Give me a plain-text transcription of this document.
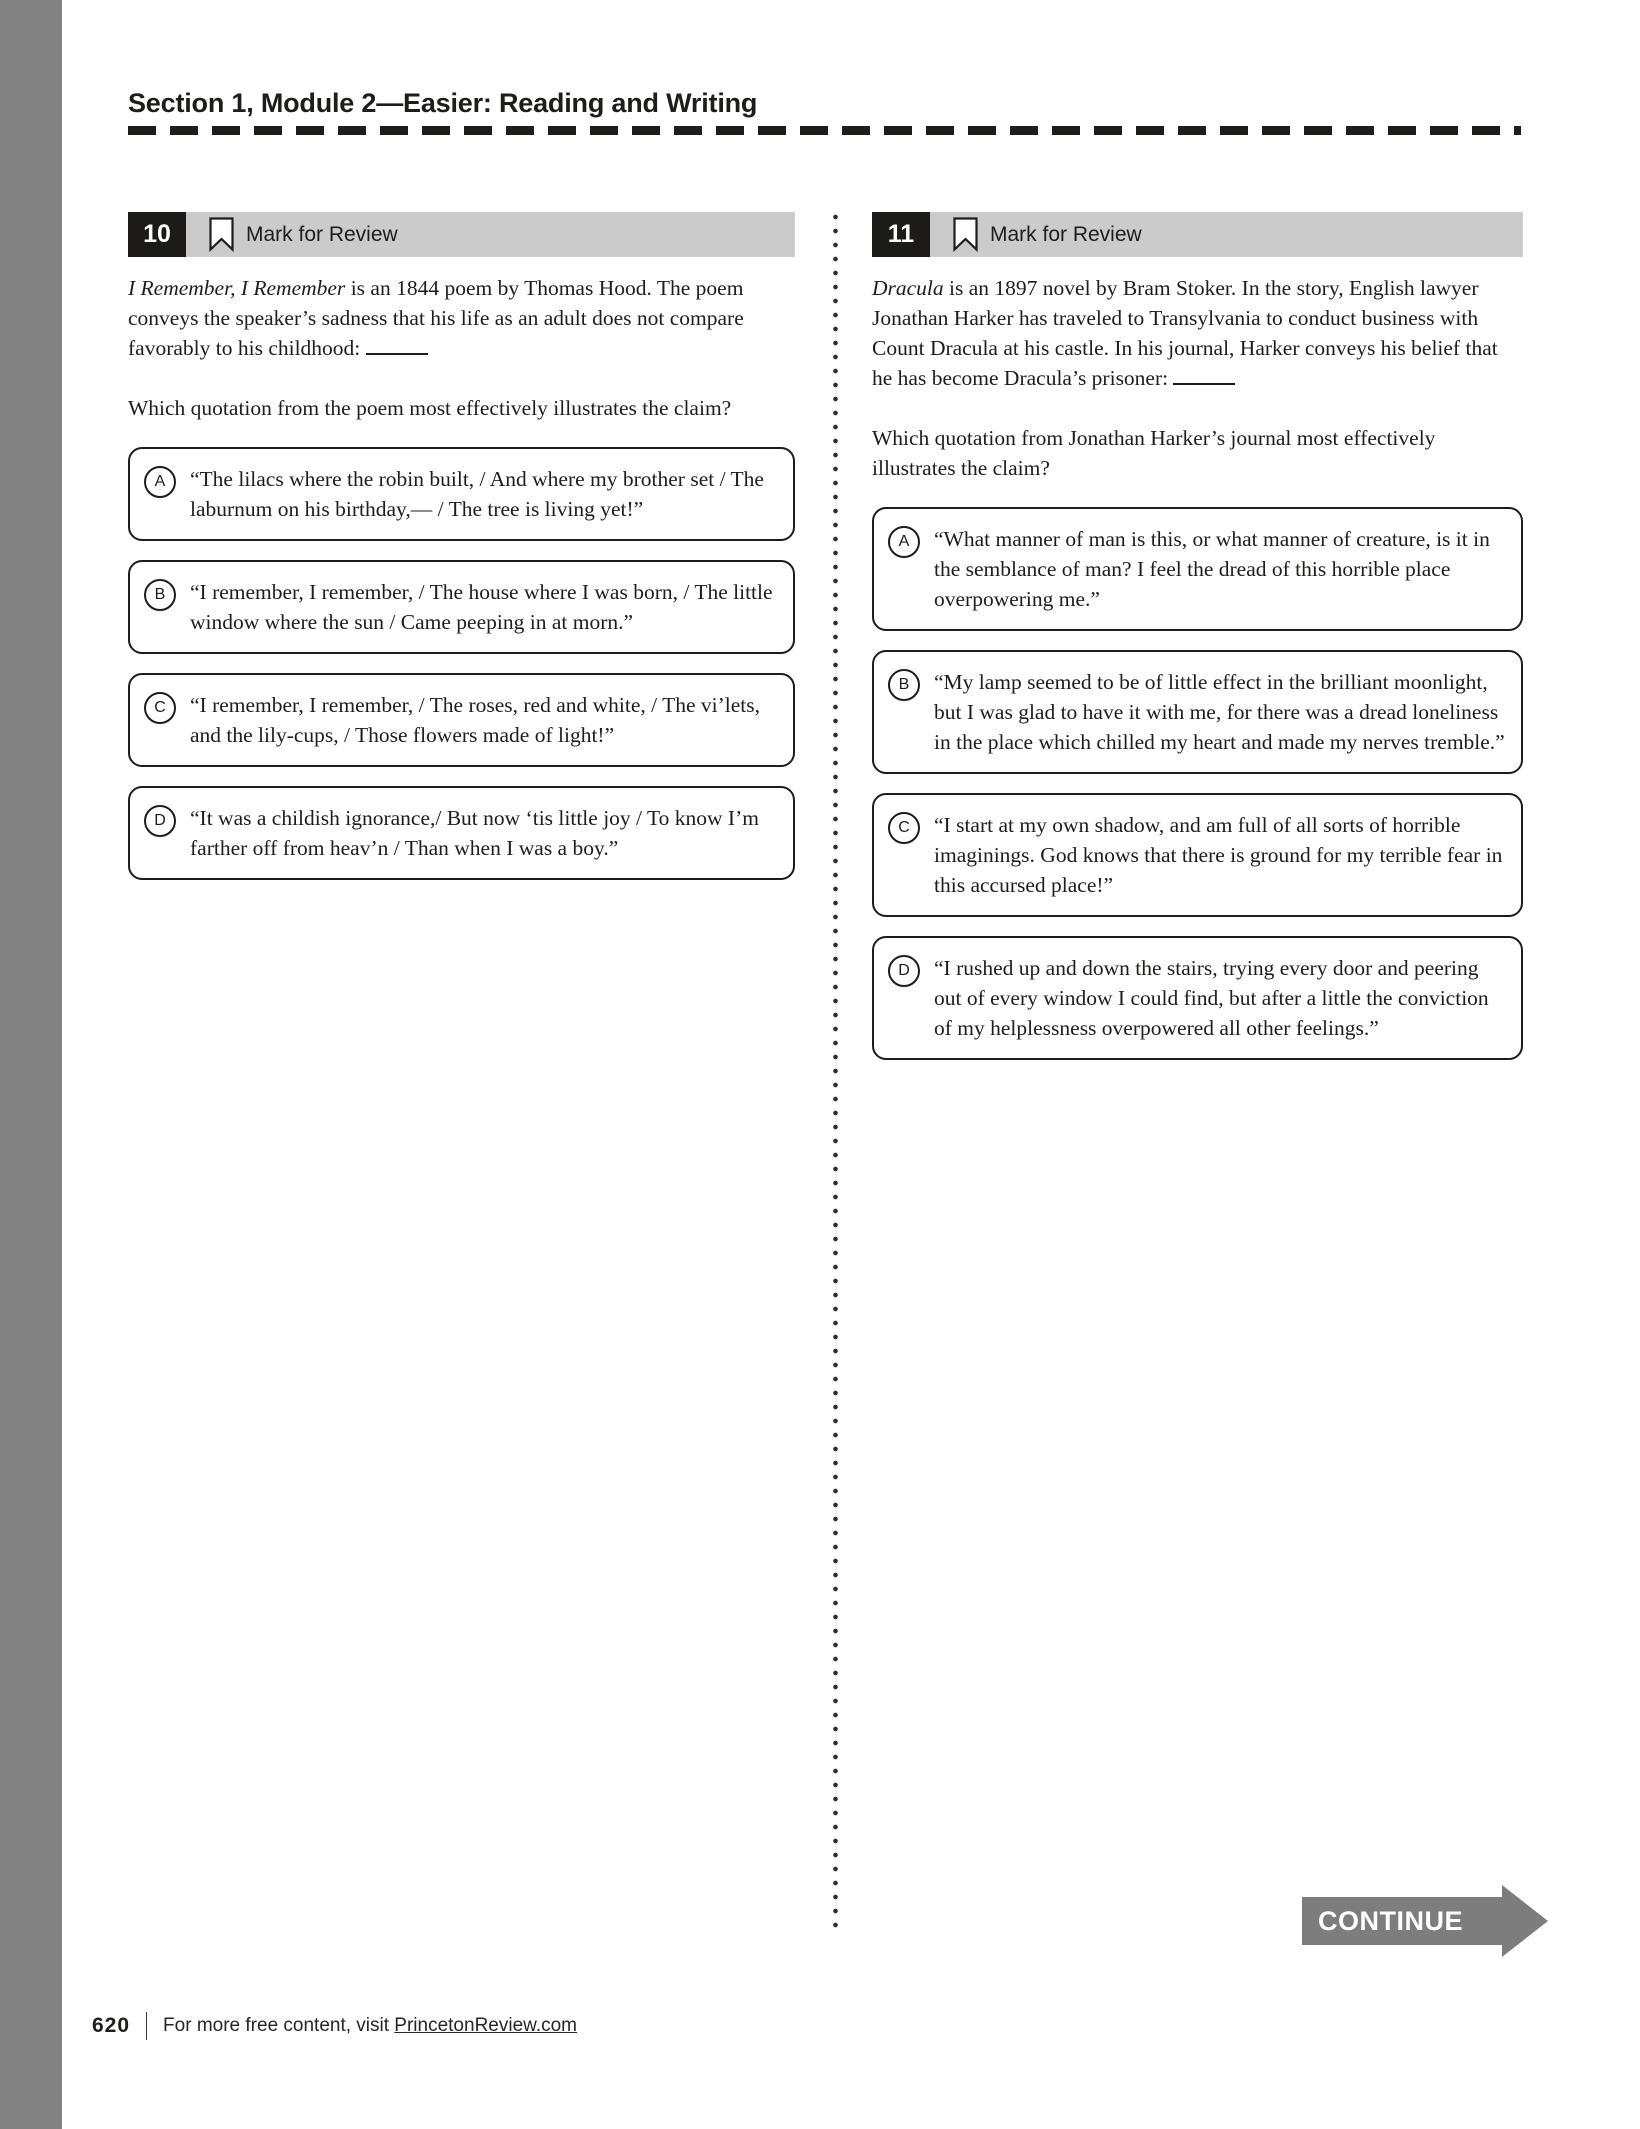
Section 1, Module 2—Easier: Reading and Writing
10	Mark for Review

I Remember, I Remember is an 1844 poem by Thomas Hood. The poem conveys the speaker’s sadness that his life as an adult does not compare favorably to his childhood:

Which quotation from the poem most effectively illustrates the claim?

A	“The lilacs where the robin built, / And where my brother set / The laburnum on his birthday,— / The tree is living yet!”
B	“I remember, I remember, / The house where I was born, / The little window where the sun / Came peeping in at morn.”
C	“I remember, I remember, / The roses, red and white, / The vi’lets, and the lily-cups, / Those flowers made of light!”
D	“It was a childish ignorance,/ But now ‘tis little joy / To know I’m farther off from heav’n / Than when I was a boy.”
11	Mark for Review

Dracula is an 1897 novel by Bram Stoker. In the story, English lawyer Jonathan Harker has traveled to Transylvania to conduct business with Count Dracula at his castle. In his journal, Harker conveys his belief that he has become Dracula’s prisoner:

Which quotation from Jonathan Harker’s journal most effectively illustrates the claim?

A	“What manner of man is this, or what manner of creature, is it in the semblance of man? I feel the dread of this horrible place overpowering me.”
B	“My lamp seemed to be of little effect in the brilliant moonlight, but I was glad to have it with me, for there was a dread loneliness in the place which chilled my heart and made my nerves tremble.”
C	“I start at my own shadow, and am full of all sorts of horrible imaginings. God knows that there is ground for my terrible fear in this accursed place!”
D	“I rushed up and down the stairs, trying every door and peering out of every window I could find, but after a little the conviction of my helplessness overpowered all other feelings.”
CONTINUE
620 For more free content, visit PrincetonReview.com
